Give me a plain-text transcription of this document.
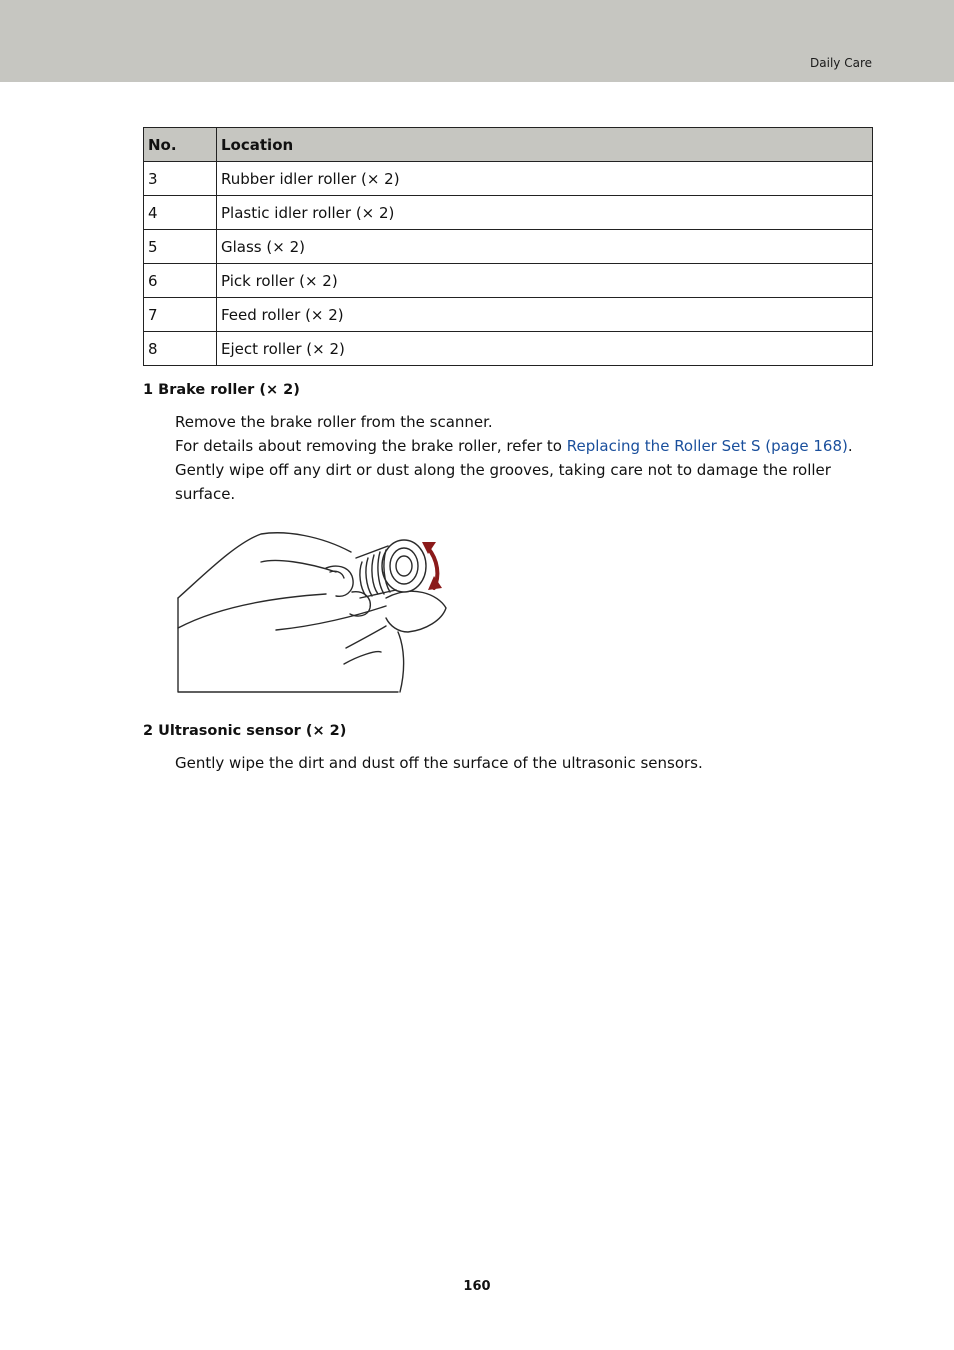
Daily Care
No.	Location
3	Rubber idler roller (× 2)
4	Plastic idler roller (× 2)
5	Glass (× 2)
6	Pick roller (× 2)
7	Feed roller (× 2)
8	Eject roller (× 2)
1 Brake roller (× 2)

Remove the brake roller from the scanner.
For details about removing the brake roller, refer to Replacing the Roller Set S (page 168).
Gently wipe off any dirt or dust along the grooves, taking care not to damage the roller
surface.

2 Ultrasonic sensor (× 2)

Gently wipe the dirt and dust off the surface of the ultrasonic sensors.

160
